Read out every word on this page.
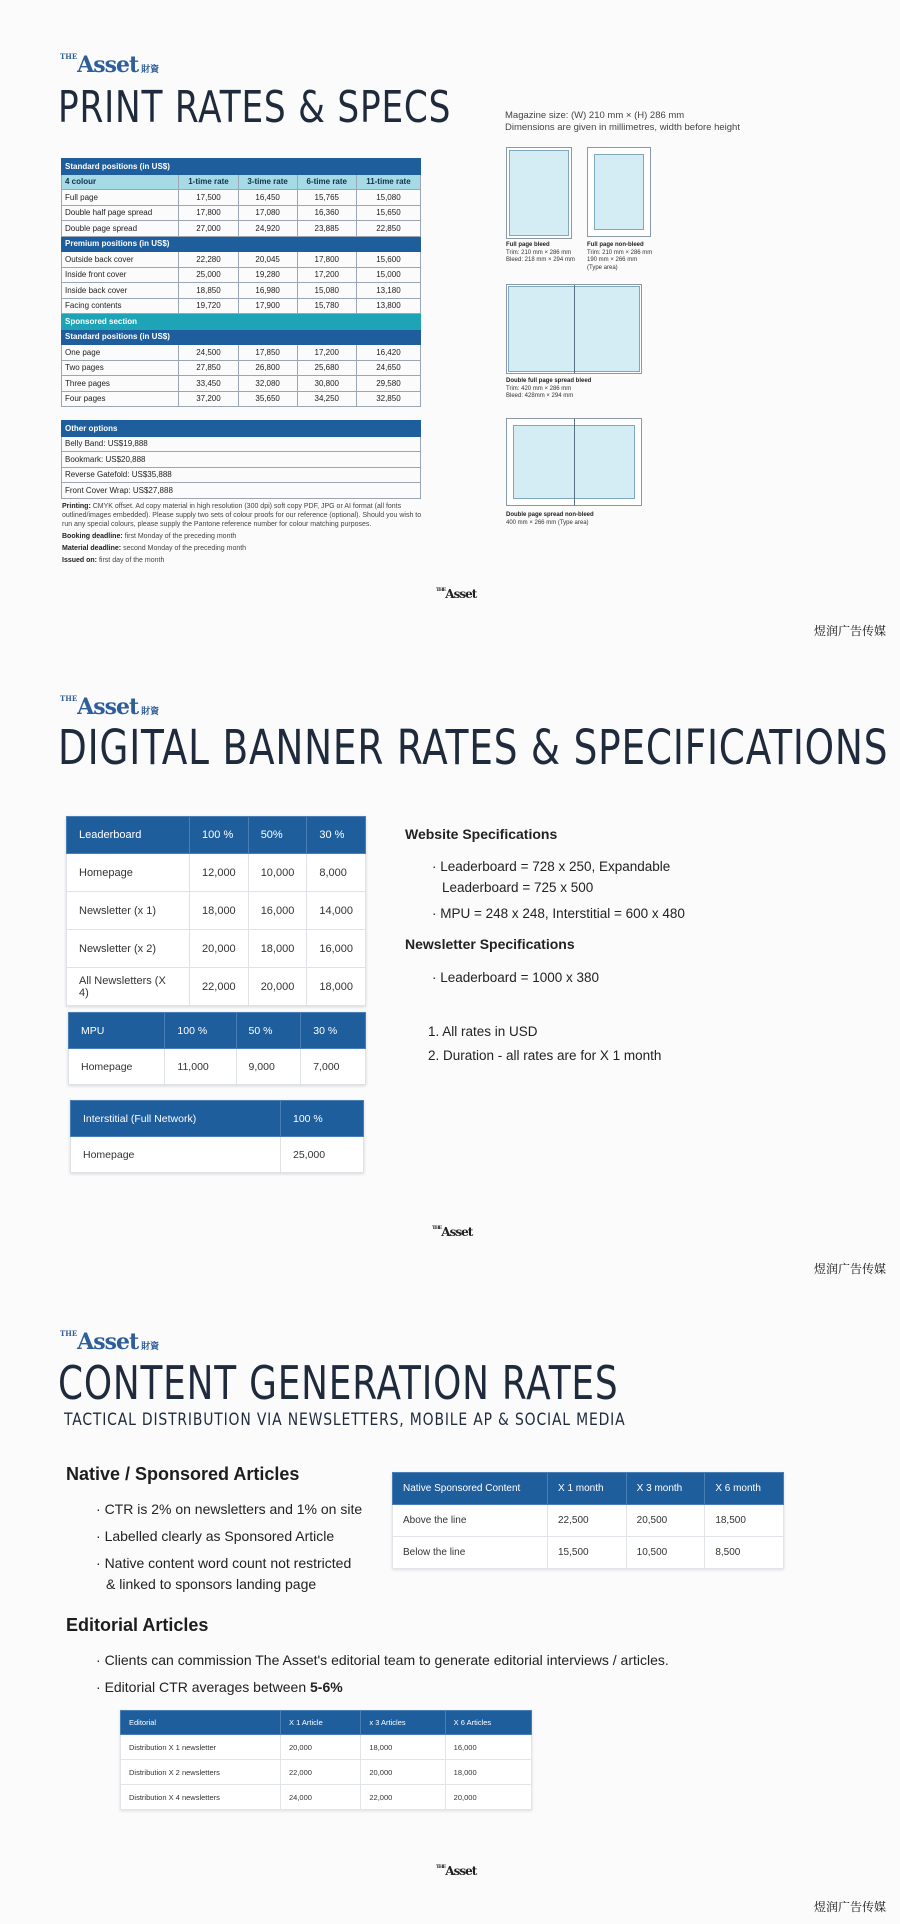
$^{THE}$Asset 財資
PRINT RATES & SPECS
Standard positions (in US$)				
4 colour	1-time rate	3-time rate	6-time rate	11-time rate
Full page	17,500	16,450	15,765	15,080
Double half page spread	17,800	17,080	16,360	15,650
Double page spread	27,000	24,920	23,885	22,850
Premium positions (in US$)				
Outside back cover	22,280	20,045	17,800	15,600
Inside front cover	25,000	19,280	17,200	15,000
Inside back cover	18,850	16,980	15,080	13,180
Facing contents	19,720	17,900	15,780	13,800
Sponsored section				
Standard positions (in US$)				
One page	24,500	17,850	17,200	16,420
Two pages	27,850	26,800	25,680	24,650
Three pages	33,450	32,080	30,800	29,580
Four pages	37,200	35,650	34,250	32,850
Other options
Belly Band: US$19,888
Bookmark: US$20,888
Reverse Gatefold: US$35,888
Front Cover Wrap: US$27,888

Printing: CMYK offset. Ad copy material in high resolution (300 dpi) soft copy PDF, JPG or AI format (all fonts outlined/images embedded). Please supply two sets of colour proofs for our reference (optional). Should you wish to run any special colours, please supply the Pantone reference number for colour matching purposes.

Booking deadline: first Monday of the preceding month

Material deadline: second Monday of the preceding month

Issued on: first day of the month

Magazine size: (W) 210 mm × (H) 286 mm
Dimensions are given in millimetres, width before height
Full page bleed
Trim: 210 mm × 286 mm
Bleed: 218 mm × 294 mm
Full page non-bleed
Trim: 210 mm × 286 mm
190 mm × 266 mm
(Type area)
Double full page spread bleed
Trim: 420 mm × 286 mm
Bleed: 428mm × 294 mm
Double page spread non-bleed
400 mm × 266 mm (Type area)
$^{THE}$Asset
煜润广告传媒
$^{THE}$Asset 財資
DIGITAL BANNER RATES & SPECIFICATIONS
Leaderboard	100 %	50%	30 %
Homepage	12,000	10,000	8,000
Newsletter (x 1)	18,000	16,000	14,000
Newsletter (x 2)	20,000	18,000	16,000
All Newsletters (X 4)	22,000	20,000	18,000
MPU	100 %	50 %	30 %
Homepage	11,000	9,000	7,000
Interstitial (Full Network)	100 %
Homepage	25,000
Website Specifications
· Leaderboard = 728 x 250, Expandable
Leaderboard = 725 x 500
· MPU = 248 x 248, Interstitial = 600 x 480
Newsletter Specifications
· Leaderboard = 1000 x 380
1. All rates in USD
2. Duration - all rates are for X 1 month
$^{THE}$Asset
煜润广告传媒
$^{THE}$Asset 財資
CONTENT GENERATION RATES
TACTICAL DISTRIBUTION VIA NEWSLETTERS, MOBILE AP & SOCIAL MEDIA
Native / Sponsored Articles
· CTR is 2% on newsletters and 1% on site
· Labelled clearly as Sponsored Article
· Native content word count not restricted
& linked to sponsors landing page
Native Sponsored Content	X 1 month	X 3 month	X 6 month
Above the line	22,500	20,500	18,500
Below the line	15,500	10,500	8,500
Editorial Articles
· Clients can commission The Asset's editorial team to generate editorial interviews / articles.
· Editorial CTR averages between 5-6%
Editorial	X 1 Article	x 3 Articles	X 6 Articles
Distribution X 1 newsletter	20,000	18,000	16,000
Distribution X 2 newsletters	22,000	20,000	18,000
Distribution X 4 newsletters	24,000	22,000	20,000
$^{THE}$Asset
煜润广告传媒
